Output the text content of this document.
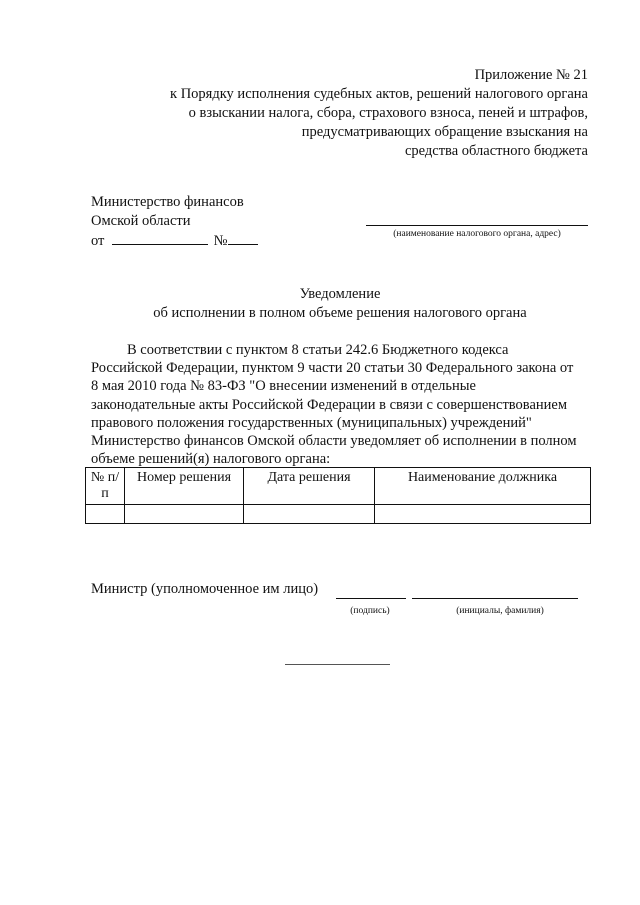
Приложение № 21
к Порядку исполнения судебных актов, решений налогового органа
о взыскании налога, сбора, страхового взноса, пеней и штрафов,
предусматривающих обращение взыскания на
средства областного бюджета
Министерство финансов
Омской области
от	№	(наименование налогового органа, адрес)
Уведомление
об исполнении в полном объеме решения налогового органа
В соответствии с пунктом 8 статьи 242.6 Бюджетного кодекса
Российской Федерации, пунктом 9 части 20 статьи 30 Федерального закона от
8 мая 2010 года № 83-ФЗ "О внесении изменений в отдельные
законодательные акты Российской Федерации в связи с совершенствованием
правового положения государственных (муниципальных) учреждений"
Министерство финансов Омской области уведомляет об исполнении в полном
объеме решений(я) налогового органа:
№ п/п	Номер решения	Дата решения	Наименование должника

Министр (уполномоченное им лицо)
(подпись)	(инициалы, фамилия)
